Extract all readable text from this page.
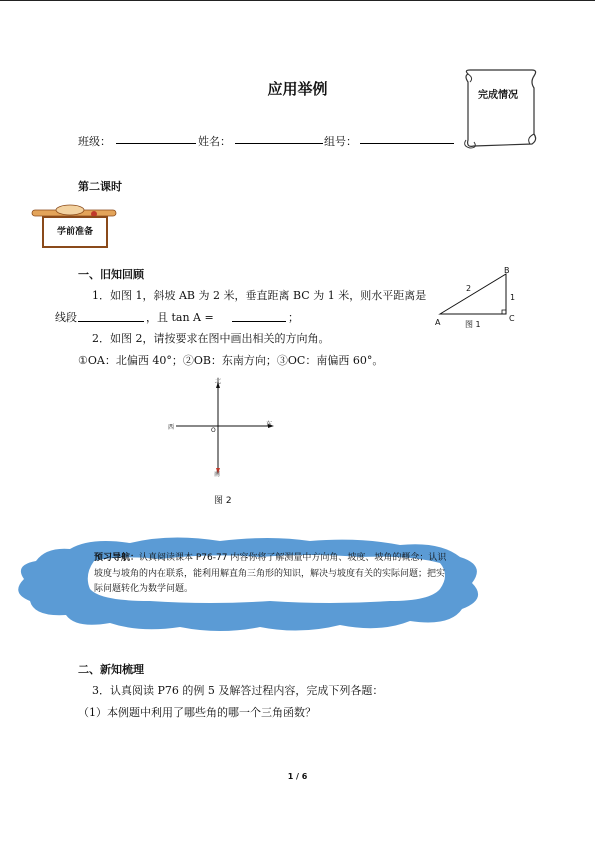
应用举例	完成情况
班级：	姓名：	组号：
第二课时
学前准备
一、旧知回顾
1．如图 1，斜坡 AB 为 2 米，垂直距离 BC 为 1 米，则水平距离是
线段	，且 tan A =	；
2．如图 2，请按要求在图中画出相关的方向角。
①OA：北偏西 40°；②OB：东南方向；③OC：南偏西 60°。
A
B
C
2
1
图 1
北
南
东
西	O
图 2
预习导航：认真阅读课本 P76-77 内容你将了解测量中方向角、坡度、坡角的概念；认识坡度与坡角的内在联系，能利用解直角三角形的知识，解决与坡度有关的实际问题；把实际问题转化为数学问题。
二、新知梳理
3．认真阅读 P76 的例 5 及解答过程内容，完成下列各题：
（1）本例题中利用了哪些角的哪一个三角函数？
1 / 6
